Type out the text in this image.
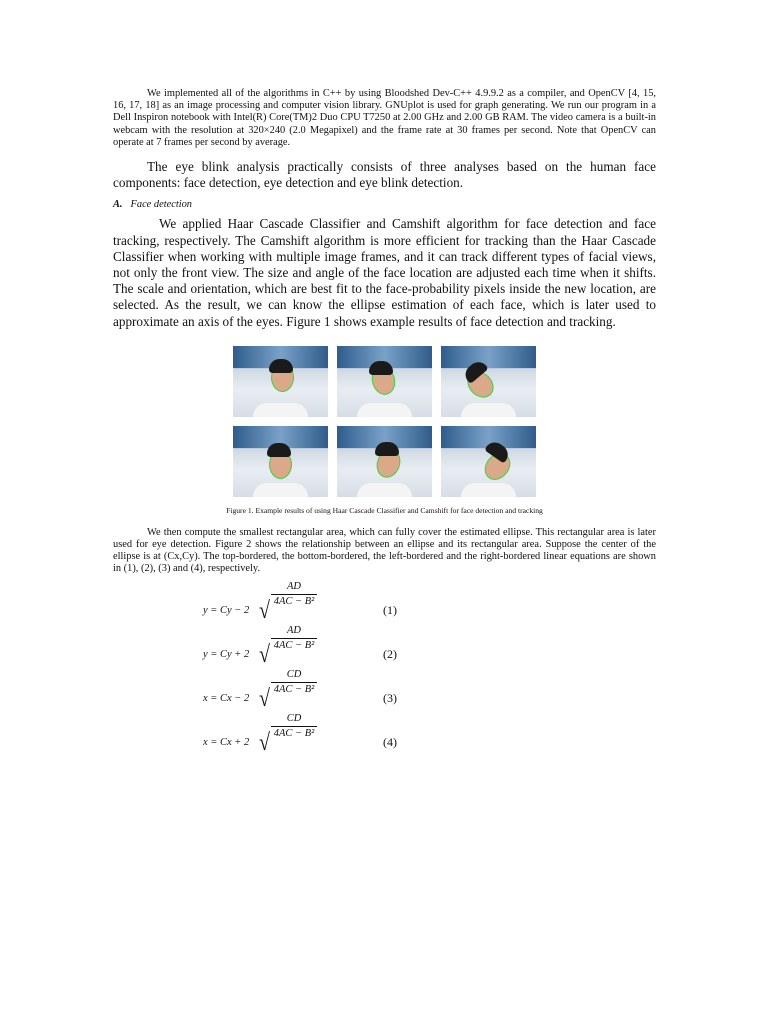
We implemented all of the algorithms in C++ by using Bloodshed Dev-C++ 4.9.9.2 as a compiler, and OpenCV [4, 15, 16, 17, 18] as an image processing and computer vision library. GNUplot is used for graph generating. We run our program in a Dell Inspiron notebook with Intel(R) Core(TM)2 Duo CPU T7250 at 2.00 GHz and 2.00 GB RAM. The video camera is a built-in webcam with the resolution at 320×240 (2.0 Megapixel) and the frame rate at 30 frames per second. Note that OpenCV can operate at 7 frames per second by average.

The eye blink analysis practically consists of three analyses based on the human face components: face detection, eye detection and eye blink detection.

A. Face detection

We applied Haar Cascade Classifier and Camshift algorithm for face detection and face tracking, respectively. The Camshift algorithm is more efficient for tracking than the Haar Cascade Classifier when working with multiple image frames, and it can track different types of facial views, not only the front view. The size and angle of the face location are adjusted each time when it shifts. The scale and orientation, which are best fit to the face-probability pixels inside the new location, are selected. As the result, we can know the ellipse estimation of each face, which is later used to approximate an axis of the eyes. Figure 1 shows example results of face detection and tracking.

Figure 1. Example results of using Haar Cascade Classifier and Camshift for face detection and tracking

We then compute the smallest rectangular area, which can fully cover the estimated ellipse. This rectangular area is later used for eye detection. Figure 2 shows the relationship between an ellipse and its rectangular area. Suppose the center of the ellipse is at (Cx,Cy). The top-bordered, the bottom-bordered, the left-bordered and the right-bordered linear equations are shown in (1), (2), (3) and (4), respectively.

y = Cy − 2 √
AD
4AC − B²
(1)
y = Cy + 2 √
AD
4AC − B²
(2)
x = Cx − 2 √
CD
4AC − B²
(3)
x = Cx + 2 √
CD
4AC − B²
(4)
